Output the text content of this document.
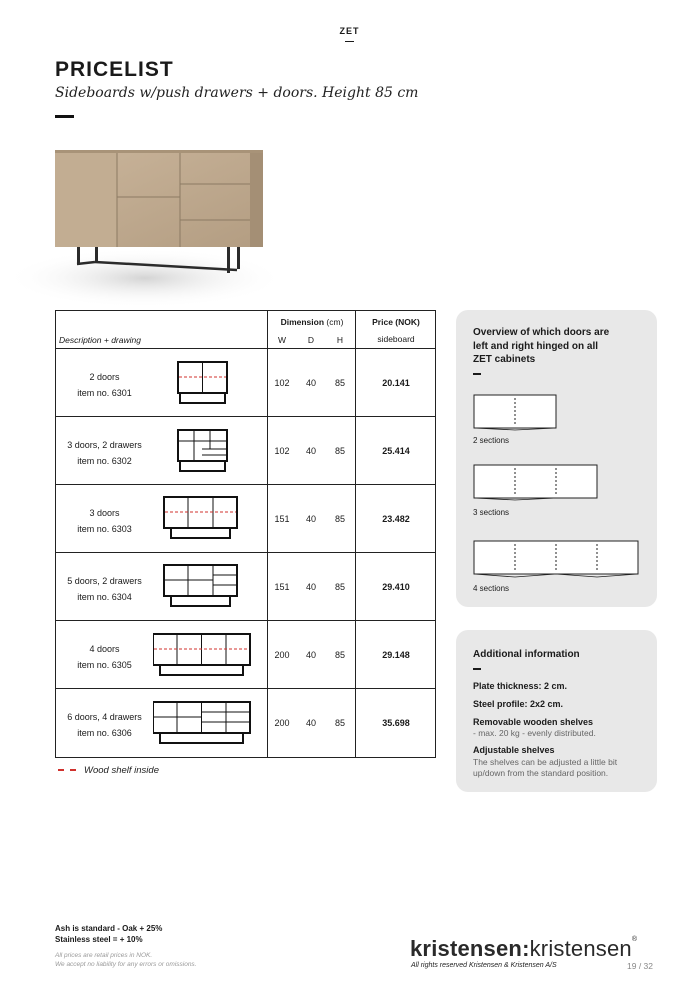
ZET
PRICELIST
Sideboards w/push drawers + doors. Height 85 cm
Description + drawing
Dimension (cm)
W	D	H
Price (NOK)
sideboard
2 doors
item no. 6301
102	40	85	20.141
3 doors, 2 drawers
item no. 6302
102	40	85	25.414
3 doors
item no. 6303
151	40	85	23.482
5 doors, 2 drawers
item no. 6304
151	40	85	29.410
4 doors
item no. 6305
200	40	85	29.148
6 doors, 4 drawers
item no. 6306
200	40	85	35.698
Wood shelf inside
Overview of which doors are
left and right hinged on all
ZET cabinets
2 sections
3 sections
4 sections
Additional information
Plate thickness: 2 cm.
Steel profile: 2x2 cm.
Removable wooden shelves
- max. 20 kg - evenly distributed.
Adjustable shelves
The shelves can be adjusted a little bit up/down from the standard position.
Ash is standard - Oak + 25%
Stainless steel = + 10%
All prices are retail prices in NOK.
We accept no liability for any errors or omissions.
kristensen:kristensen®
All rights reserved Kristensen & Kristensen A/S	19 / 32
